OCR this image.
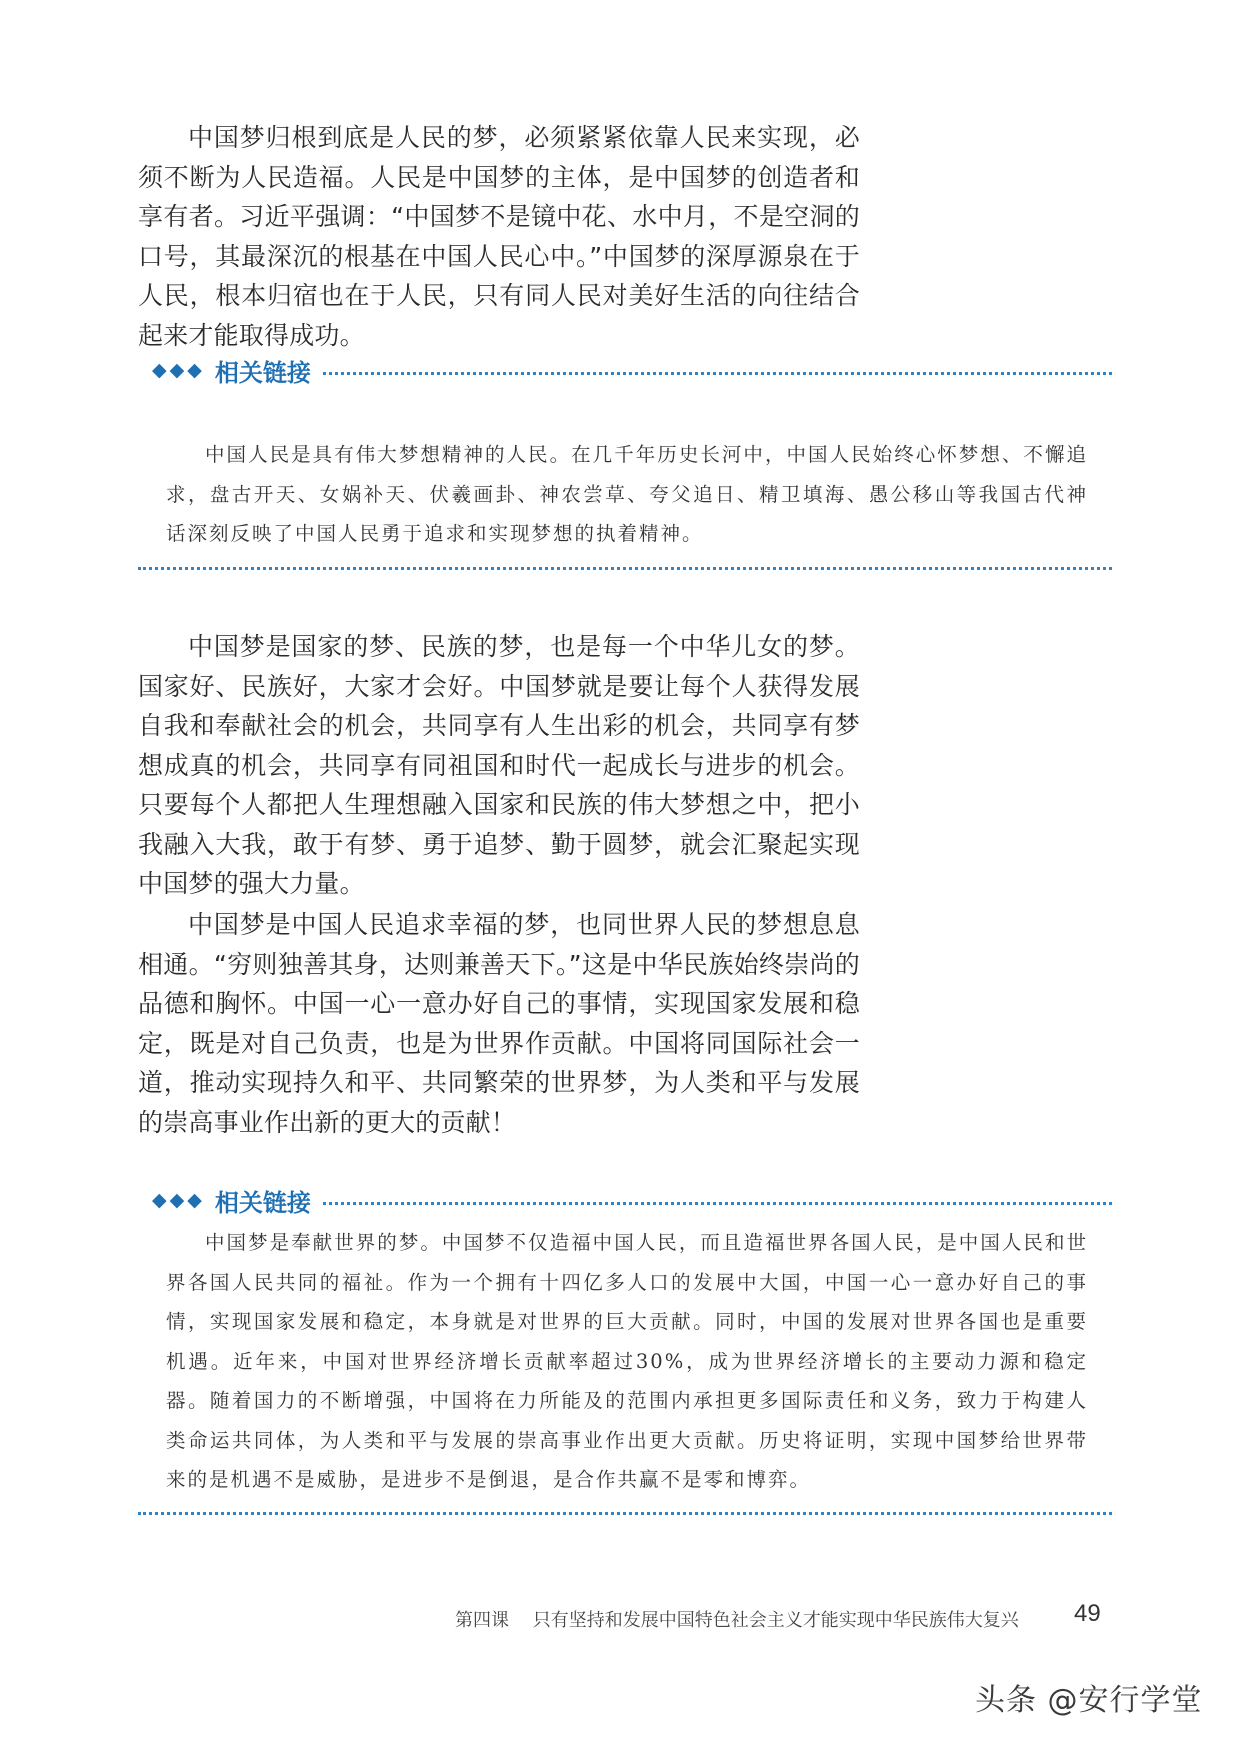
中国梦归根到底是人民的梦，必须紧紧依靠人民来实现，必须不断为人民造福。人民是中国梦的主体，是中国梦的创造者和享有者。习近平强调：“中国梦不是镜中花、水中月，不是空洞的口号，其最深沉的根基在中国人民心中。”中国梦的深厚源泉在于人民，根本归宿也在于人民，只有同人民对美好生活的向往结合起来才能取得成功。

◆◆◆ 相关链接

中国人民是具有伟大梦想精神的人民。在几千年历史长河中，中国人民始终心怀梦想、不懈追求，盘古开天、女娲补天、伏羲画卦、神农尝草、夸父追日、精卫填海、愚公移山等我国古代神话深刻反映了中国人民勇于追求和实现梦想的执着精神。

中国梦是国家的梦、民族的梦，也是每一个中华儿女的梦。国家好、民族好，大家才会好。中国梦就是要让每个人获得发展自我和奉献社会的机会，共同享有人生出彩的机会，共同享有梦想成真的机会，共同享有同祖国和时代一起成长与进步的机会。只要每个人都把人生理想融入国家和民族的伟大梦想之中，把小我融入大我，敢于有梦、勇于追梦、勤于圆梦，就会汇聚起实现中国梦的强大力量。

中国梦是中国人民追求幸福的梦，也同世界人民的梦想息息相通。“穷则独善其身，达则兼善天下。”这是中华民族始终崇尚的品德和胸怀。中国一心一意办好自己的事情，实现国家发展和稳定，既是对自己负责，也是为世界作贡献。中国将同国际社会一道，推动实现持久和平、共同繁荣的世界梦，为人类和平与发展的崇高事业作出新的更大的贡献！

◆◆◆ 相关链接

中国梦是奉献世界的梦。中国梦不仅造福中国人民，而且造福世界各国人民，是中国人民和世界各国人民共同的福祉。作为一个拥有十四亿多人口的发展中大国，中国一心一意办好自己的事情，实现国家发展和稳定，本身就是对世界的巨大贡献。同时，中国的发展对世界各国也是重要机遇。近年来，中国对世界经济增长贡献率超过30%，成为世界经济增长的主要动力源和稳定器。随着国力的不断增强，中国将在力所能及的范围内承担更多国际责任和义务，致力于构建人类命运共同体，为人类和平与发展的崇高事业作出更大贡献。历史将证明，实现中国梦给世界带来的是机遇不是威胁，是进步不是倒退，是合作共赢不是零和博弈。

第四课 只有坚持和发展中国特色社会主义才能实现中华民族伟大复兴 49
头条 @安行学堂
